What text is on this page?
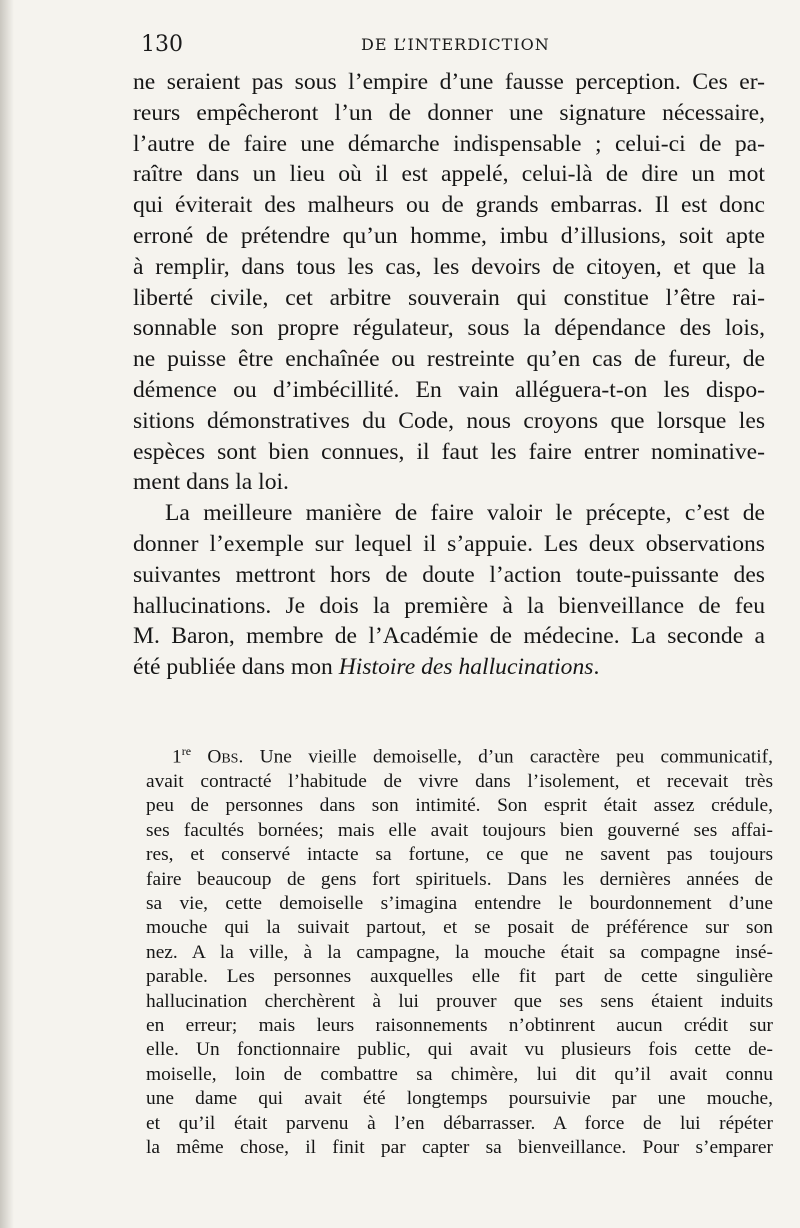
130	DE L’INTERDICTION

ne seraient pas sous l’empire d’une fausse perception. Ces er-

reurs empêcheront l’un de donner une signature nécessaire,

l’autre de faire une démarche indispensable ; celui-ci de pa-

raître dans un lieu où il est appelé, celui-là de dire un mot

qui éviterait des malheurs ou de grands embarras. Il est donc

erroné de prétendre qu’un homme, imbu d’illusions, soit apte

à remplir, dans tous les cas, les devoirs de citoyen, et que la

liberté civile, cet arbitre souverain qui constitue l’être rai-

sonnable son propre régulateur, sous la dépendance des lois,

ne puisse être enchaînée ou restreinte qu’en cas de fureur, de

démence ou d’imbécillité. En vain alléguera-t-on les dispo-

sitions démonstratives du Code, nous croyons que lorsque les

espèces sont bien connues, il faut les faire entrer nominative-

ment dans la loi.

La meilleure manière de faire valoir le précepte, c’est de

donner l’exemple sur lequel il s’appuie. Les deux observations

suivantes mettront hors de doute l’action toute-puissante des

hallucinations. Je dois la première à la bienveillance de feu

M. Baron, membre de l’Académie de médecine. La seconde a

été publiée dans mon Histoire des hallucinations.

1re Obs. Une vieille demoiselle, d’un caractère peu communicatif,

avait contracté l’habitude de vivre dans l’isolement, et recevait très

peu de personnes dans son intimité. Son esprit était assez crédule,

ses facultés bornées; mais elle avait toujours bien gouverné ses affai-

res, et conservé intacte sa fortune, ce que ne savent pas toujours

faire beaucoup de gens fort spirituels. Dans les dernières années de

sa vie, cette demoiselle s’imagina entendre le bourdonnement d’une

mouche qui la suivait partout, et se posait de préférence sur son

nez. A la ville, à la campagne, la mouche était sa compagne insé-

parable. Les personnes auxquelles elle fit part de cette singulière

hallucination cherchèrent à lui prouver que ses sens étaient induits

en erreur; mais leurs raisonnements n’obtinrent aucun crédit sur

elle. Un fonctionnaire public, qui avait vu plusieurs fois cette de-

moiselle, loin de combattre sa chimère, lui dit qu’il avait connu

une dame qui avait été longtemps poursuivie par une mouche,

et qu’il était parvenu à l’en débarrasser. A force de lui répéter

la même chose, il finit par capter sa bienveillance. Pour s’emparer
